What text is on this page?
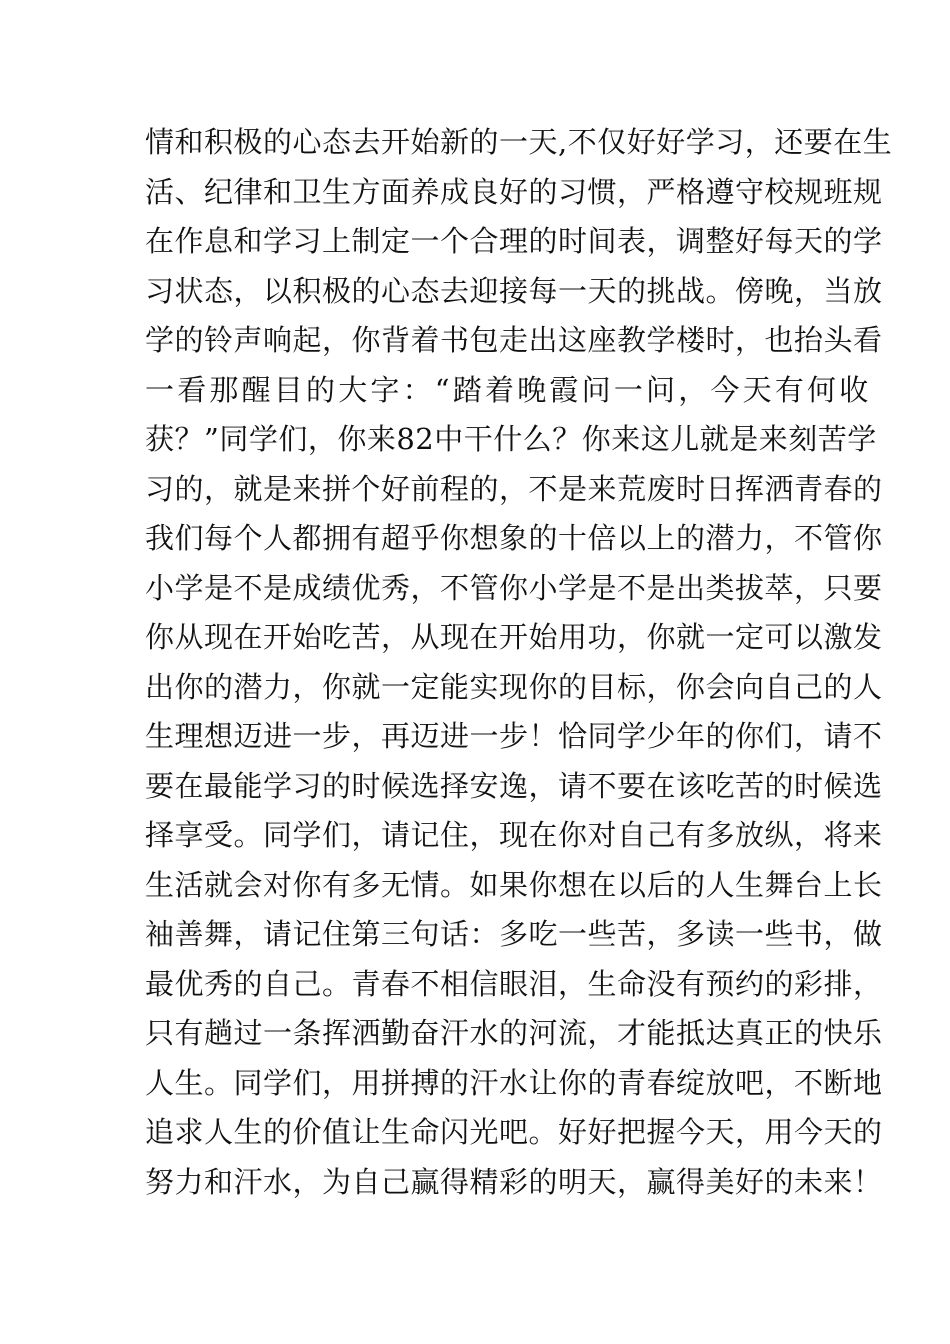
情和积极的心态去开始新的一天,不仅好好学习，还要在生
活、纪律和卫生方面养成良好的习惯，严格遵守校规班规
在作息和学习上制定一个合理的时间表，调整好每天的学
习状态，以积极的心态去迎接每一天的挑战。傍晚，当放
学的铃声响起，你背着书包走出这座教学楼时，也抬头看
一看那醒目的大字：“踏着晚霞问一问，今天有何收
获？”同学们，你来82中干什么？你来这儿就是来刻苦学
习的，就是来拼个好前程的，不是来荒废时日挥洒青春的
我们每个人都拥有超乎你想象的十倍以上的潜力，不管你
小学是不是成绩优秀，不管你小学是不是出类拔萃，只要
你从现在开始吃苦，从现在开始用功，你就一定可以激发
出你的潜力，你就一定能实现你的目标，你会向自己的人
生理想迈进一步，再迈进一步！恰同学少年的你们，请不
要在最能学习的时候选择安逸，请不要在该吃苦的时候选
择享受。同学们，请记住，现在你对自己有多放纵，将来
生活就会对你有多无情。如果你想在以后的人生舞台上长
袖善舞，请记住第三句话：多吃一些苦，多读一些书，做
最优秀的自己。青春不相信眼泪，生命没有预约的彩排，
只有趟过一条挥洒勤奋汗水的河流，才能抵达真正的快乐
人生。同学们，用拼搏的汗水让你的青春绽放吧，不断地
追求人生的价值让生命闪光吧。好好把握今天，用今天的
努力和汗水，为自己赢得精彩的明天，赢得美好的未来！
